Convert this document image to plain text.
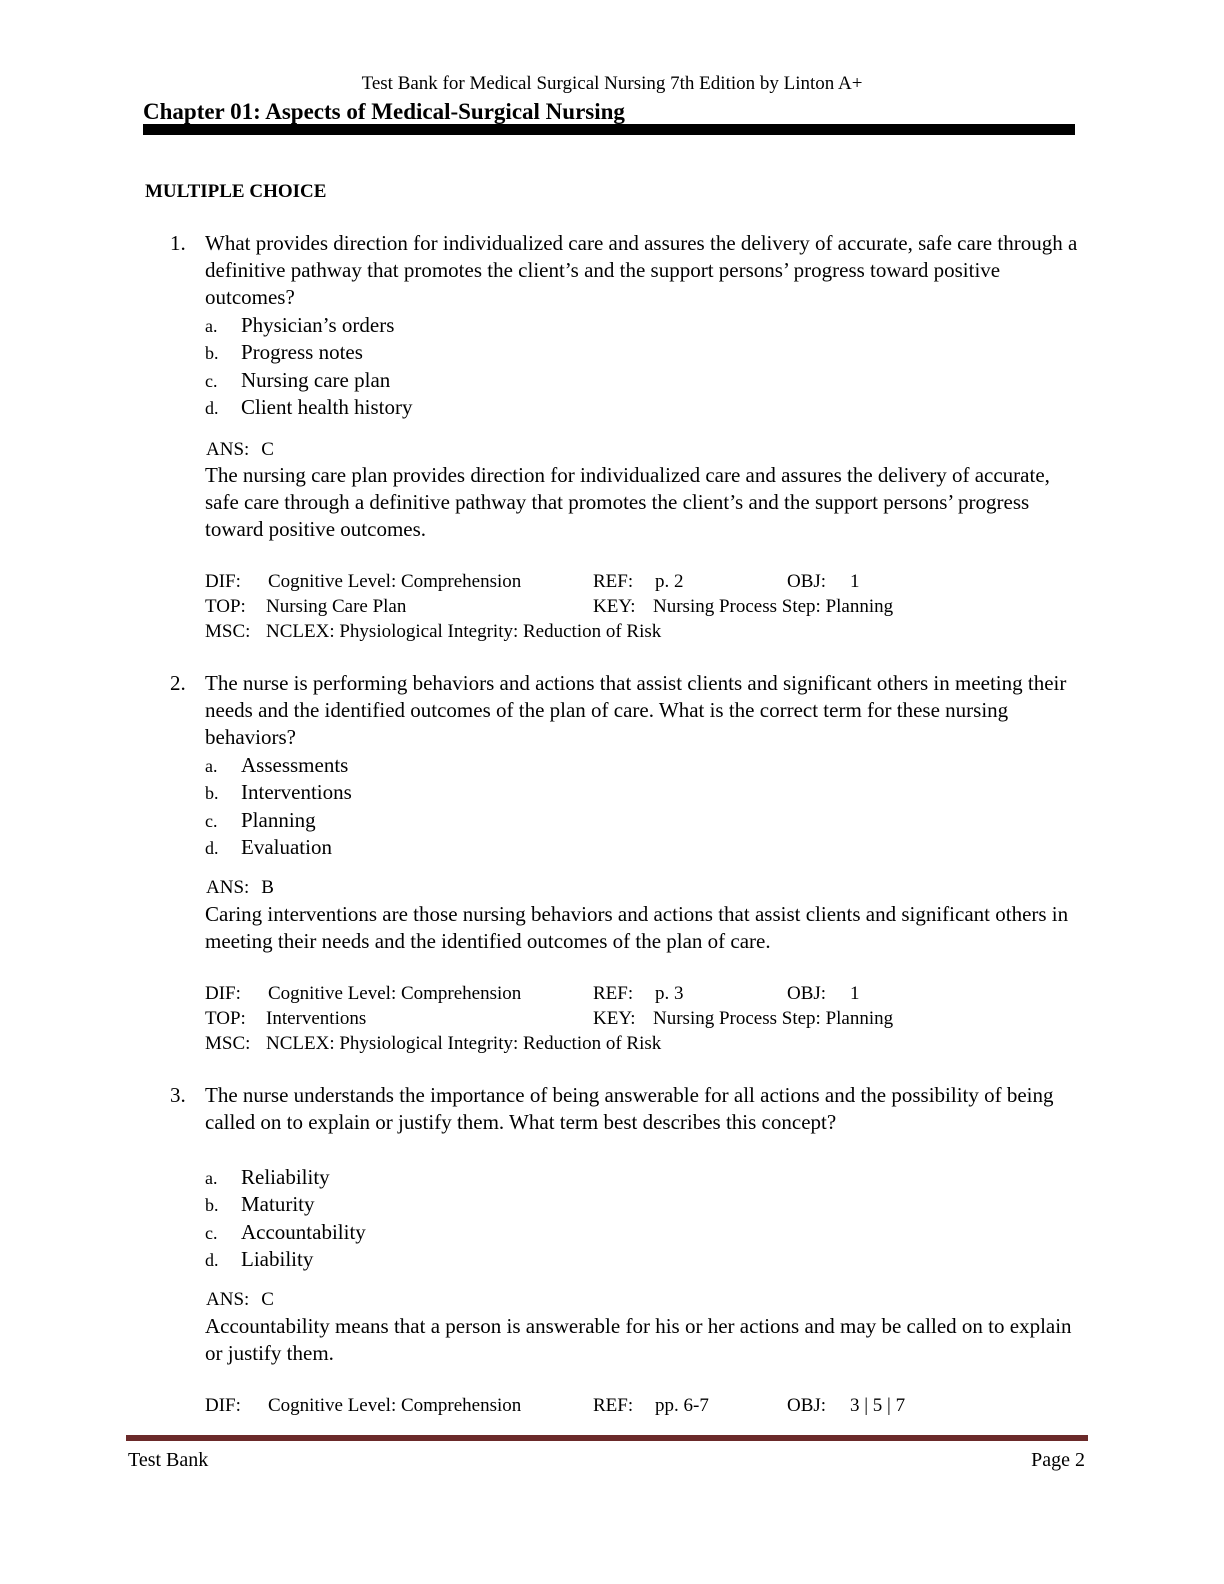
Test Bank for Medical Surgical Nursing 7th Edition by Linton A+
Chapter 01: Aspects of Medical-Surgical Nursing
MULTIPLE CHOICE
1. What provides direction for individualized care and assures the delivery of accurate, safe care through a definitive pathway that promotes the client’s and the support persons’ progress toward positive outcomes?
a. Physician’s orders
b. Progress notes
c. Nursing care plan
d. Client health history
ANS: C
The nursing care plan provides direction for individualized care and assures the delivery of accurate, safe care through a definitive pathway that promotes the client’s and the support persons’ progress toward positive outcomes.
DIF: Cognitive Level: Comprehension	REF: p. 2	OBJ: 1
TOP: Nursing Care Plan	KEY: Nursing Process Step: Planning
MSC: NCLEX: Physiological Integrity: Reduction of Risk
2. The nurse is performing behaviors and actions that assist clients and significant others in meeting their needs and the identified outcomes of the plan of care. What is the correct term for these nursing behaviors?
a. Assessments
b. Interventions
c. Planning
d. Evaluation
ANS: B
Caring interventions are those nursing behaviors and actions that assist clients and significant others in meeting their needs and the identified outcomes of the plan of care.
DIF: Cognitive Level: Comprehension	REF: p. 3	OBJ: 1
TOP: Interventions	KEY: Nursing Process Step: Planning
MSC: NCLEX: Physiological Integrity: Reduction of Risk
3. The nurse understands the importance of being answerable for all actions and the possibility of being called on to explain or justify them. What term best describes this concept?
a. Reliability
b. Maturity
c. Accountability
d. Liability
ANS: C
Accountability means that a person is answerable for his or her actions and may be called on to explain or justify them.
DIF: Cognitive Level: Comprehension	REF: pp. 6-7	OBJ: 3 | 5 | 7
Test Bank	Page 2
